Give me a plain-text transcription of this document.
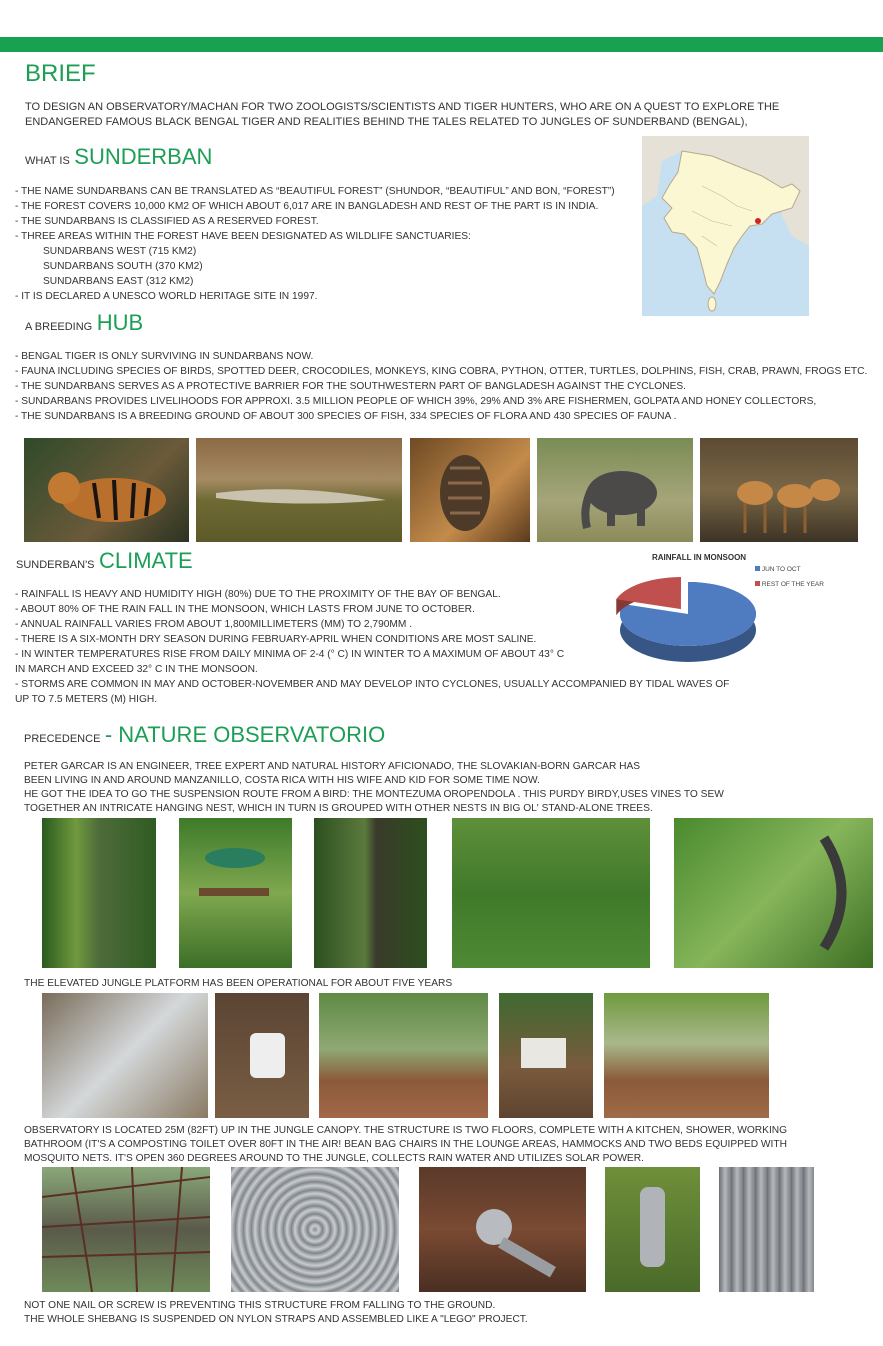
BRIEF
TO DESIGN AN OBSERVATORY/MACHAN FOR TWO ZOOLOGISTS/SCIENTISTS AND TIGER HUNTERS, WHO ARE ON A QUEST TO EXPLORE THE
ENDANGERED FAMOUS BLACK BENGAL TIGER AND REALITIES BEHIND THE TALES RELATED TO JUNGLES OF SUNDERBAND (BENGAL),
WHAT IS SUNDERBAN
- THE NAME SUNDARBANS CAN BE TRANSLATED AS “BEAUTIFUL FOREST” (SHUNDOR, “BEAUTIFUL” AND BON, “FOREST”)
- THE FOREST COVERS 10,000 KM2 OF WHICH ABOUT 6,017 ARE IN BANGLADESH AND REST OF THE PART IS IN INDIA.
- THE SUNDARBANS IS CLASSIFIED AS A RESERVED FOREST.
- THREE AREAS WITHIN THE FOREST HAVE BEEN DESIGNATED AS WILDLIFE SANCTUARIES:
SUNDARBANS WEST (715 KM2)
SUNDARBANS SOUTH (370 KM2)
SUNDARBANS EAST (312 KM2)
- IT IS DECLARED A UNESCO WORLD HERITAGE SITE IN 1997.
A BREEDING HUB
- BENGAL TIGER IS ONLY SURVIVING IN SUNDARBANS NOW.
- FAUNA INCLUDING SPECIES OF BIRDS, SPOTTED DEER, CROCODILES, MONKEYS, KING COBRA, PYTHON, OTTER, TURTLES, DOLPHINS, FISH, CRAB, PRAWN, FROGS ETC.
- THE SUNDARBANS SERVES AS A PROTECTIVE BARRIER FOR THE SOUTHWESTERN PART OF BANGLADESH AGAINST THE CYCLONES.
- SUNDARBANS PROVIDES LIVELIHOODS FOR APPROXI. 3.5 MILLION PEOPLE OF WHICH 39%, 29% AND 3% ARE FISHERMEN, GOLPATA AND HONEY COLLECTORS,
- THE SUNDARBANS IS A BREEDING GROUND OF ABOUT 300 SPECIES OF FISH, 334 SPECIES OF FLORA AND 430 SPECIES OF FAUNA .
SUNDERBAN'S CLIMATE
- RAINFALL IS HEAVY AND HUMIDITY HIGH (80%) DUE TO THE PROXIMITY OF THE BAY OF BENGAL.
- ABOUT 80% OF THE RAIN FALL IN THE MONSOON, WHICH LASTS FROM JUNE TO OCTOBER.
- ANNUAL RAINFALL VARIES FROM ABOUT 1,800MILLIMETERS (MM) TO 2,790MM .
- THERE IS A SIX-MONTH DRY SEASON DURING FEBRUARY-APRIL WHEN CONDITIONS ARE MOST SALINE.
- IN WINTER TEMPERATURES RISE FROM DAILY MINIMA OF 2-4 (° C) IN WINTER TO A MAXIMUM OF ABOUT 43° C
IN MARCH AND EXCEED 32° C IN THE MONSOON.
- STORMS ARE COMMON IN MAY AND OCTOBER-NOVEMBER AND MAY DEVELOP INTO CYCLONES, USUALLY ACCOMPANIED BY TIDAL WAVES OF
UP TO 7.5 METERS (M) HIGH.
RAINFALL IN MONSOON
JUN TO OCT
REST OF THE YEAR
PRECEDENCE - NATURE OBSERVATORIO
PETER GARCAR IS AN ENGINEER, TREE EXPERT AND NATURAL HISTORY AFICIONADO, THE SLOVAKIAN-BORN GARCAR HAS
BEEN LIVING IN AND AROUND MANZANILLO, COSTA RICA WITH HIS WIFE AND KID FOR SOME TIME NOW.
HE GOT THE IDEA TO GO THE SUSPENSION ROUTE FROM A BIRD: THE MONTEZUMA OROPENDOLA . THIS PURDY BIRDY,USES VINES TO SEW
TOGETHER AN INTRICATE HANGING NEST, WHICH IN TURN IS GROUPED WITH OTHER NESTS IN BIG OL' STAND-ALONE TREES.
THE ELEVATED JUNGLE PLATFORM HAS BEEN OPERATIONAL FOR ABOUT FIVE YEARS
OBSERVATORY IS LOCATED 25M (82FT) UP IN THE JUNGLE CANOPY. THE STRUCTURE IS TWO FLOORS, COMPLETE WITH A KITCHEN, SHOWER, WORKING
BATHROOM (IT'S A COMPOSTING TOILET OVER 80FT IN THE AIR! BEAN BAG CHAIRS IN THE LOUNGE AREAS, HAMMOCKS AND TWO BEDS EQUIPPED WITH
MOSQUITO NETS. IT'S OPEN 360 DEGREES AROUND TO THE JUNGLE, COLLECTS RAIN WATER AND UTILIZES SOLAR POWER.
NOT ONE NAIL OR SCREW IS PREVENTING THIS STRUCTURE FROM FALLING TO THE GROUND.
THE WHOLE SHEBANG IS SUSPENDED ON NYLON STRAPS AND ASSEMBLED LIKE A "LEGO" PROJECT.
